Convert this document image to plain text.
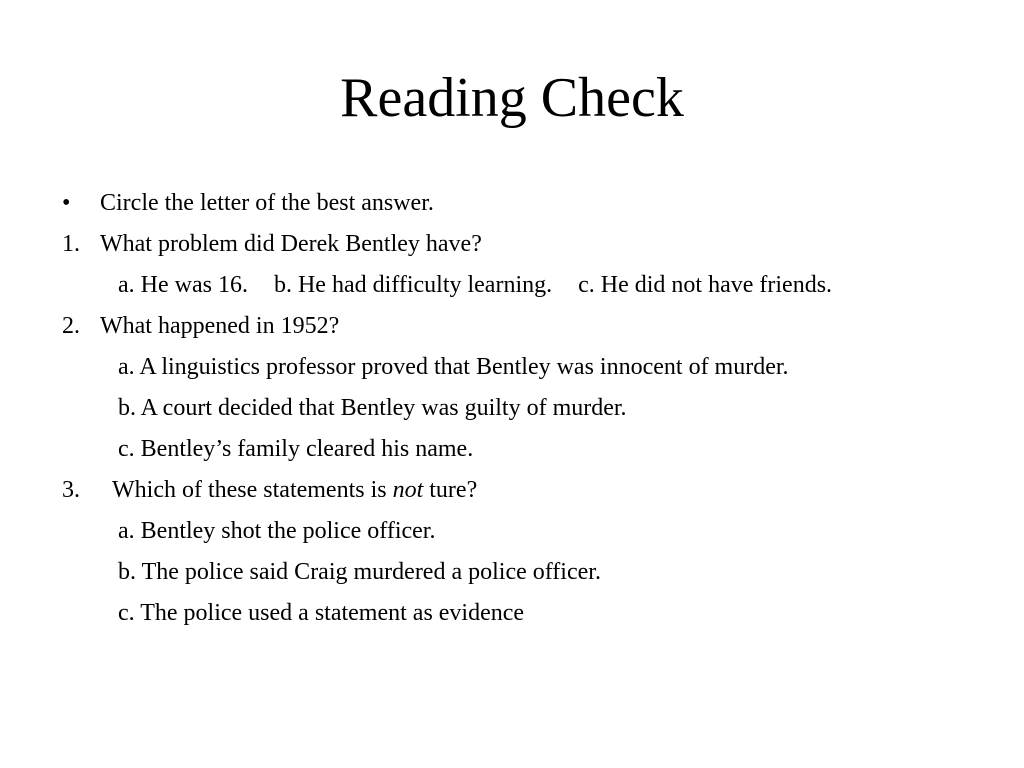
Reading Check
• Circle the letter of the best answer.
1. What problem did Derek Bentley have?
a. He was 16. b. He had difficulty learning. c. He did not have friends.
2. What happened in 1952?
a. A linguistics professor proved that Bentley was innocent of murder.
b. A court decided that Bentley was guilty of murder.
c. Bentley’s family cleared his name.
3. Which of these statements is not ture?
a. Bentley shot the police officer.
b. The police said Craig murdered a police officer.
c. The police used a statement as evidence
